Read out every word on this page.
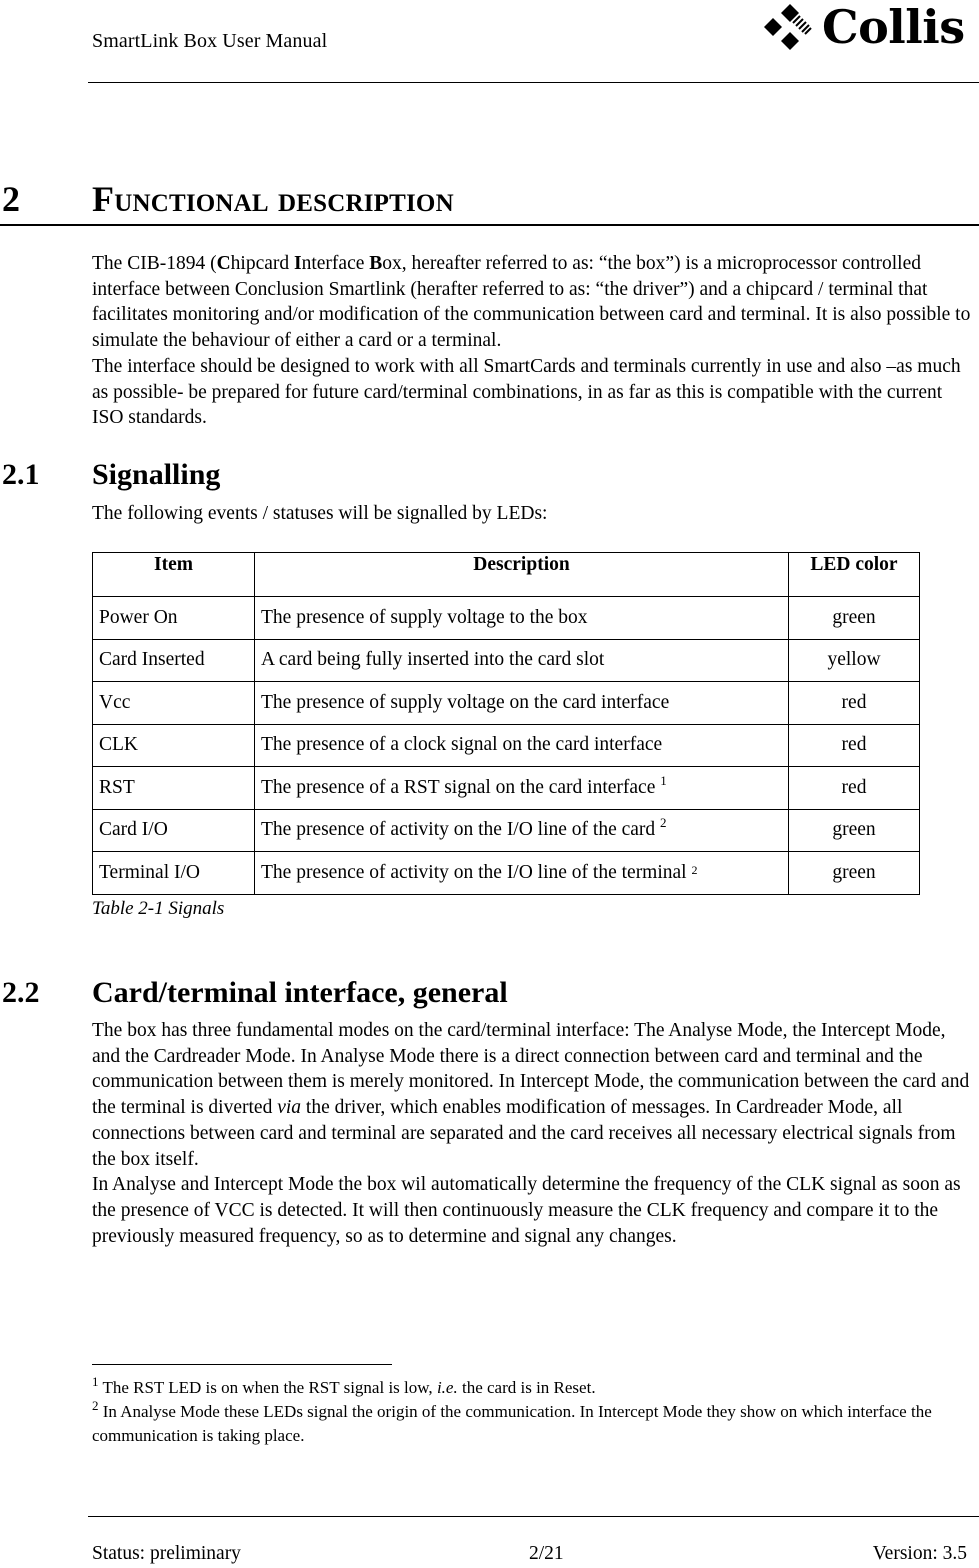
SmartLink Box User Manual	Collis
2 Functional description

The CIB-1894 (Chipcard Interface Box, hereafter referred to as: “the box”) is a microprocessor controlled interface between Conclusion Smartlink (herafter referred to as: “the driver”) and a chipcard / terminal that facilitates monitoring and/or modification of the communication between card and terminal. It is also possible to simulate the behaviour of either a card or a terminal.

The interface should be designed to work with all SmartCards and terminals currently in use and also –as much as possible- be prepared for future card/terminal combinations, in as far as this is compatible with the current ISO standards.

2.1 Signalling
The following events / statuses will be signalled by LEDs:
Item	Description	LED color
Power On	The presence of supply voltage to the box	green
Card Inserted	A card being fully inserted into the card slot	yellow
Vcc	The presence of supply voltage on the card interface	red
CLK	The presence of a clock signal on the card interface	red
RST	The presence of a RST signal on the card interface $^1$	red
Card I/O	The presence of activity on the I/O line of the card $^2$	green
Terminal I/O	The presence of activity on the I/O line of the terminal $^2$	green
Table 2-1 Signals
2.2 Card/terminal interface, general

The box has three fundamental modes on the card/terminal interface: The Analyse Mode, the Intercept Mode, and the Cardreader Mode. In Analyse Mode there is a direct connection between card and terminal and the communication between them is merely monitored. In Intercept Mode, the communication between the card and the terminal is diverted via the driver, which enables modification of messages. In Cardreader Mode, all connections between card and terminal are separated and the card receives all necessary electrical signals from the box itself.

In Analyse and Intercept Mode the box wil automatically determine the frequency of the CLK signal as soon as the presence of VCC is detected. It will then continuously measure the CLK frequency and compare it to the previously measured frequency, so as to determine and signal any changes.

$^1$ The RST LED is on when the RST signal is low, i.e. the card is in Reset.

$^2$ In Analyse Mode these LEDs signal the origin of the communication. In Intercept Mode they show on which interface the communication is taking place.

Status: preliminary	2/21	Version: 3.5
